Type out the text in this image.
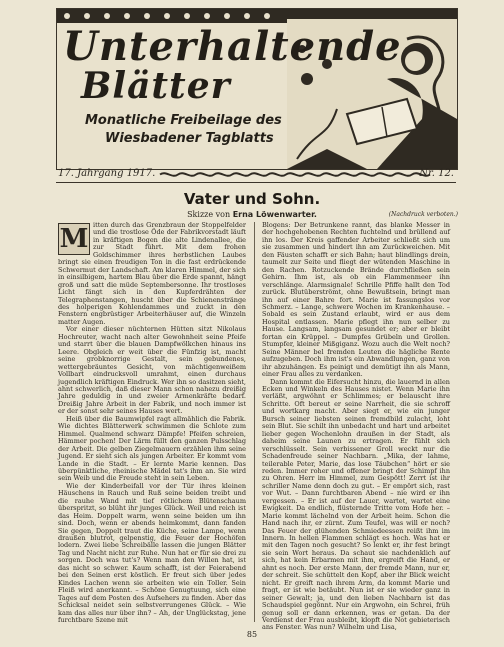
Unterhaltende
Blätter
Monatliche Freibeilage des
Wiesbadener Tagblatts
17. Jahrgang 1917.	Nr. 12.
Vater und Sohn.
Skizze von Erna Löwenwarter.	(Nachdruck verboten.)

M itten durch das Grenzbraun der Stoppelfelder und die trostlose Öde der Fabrikvorstadt läuft in kräftigen Bogen die alte Lindenallee, die zur Stadt führt. Mit dem frohen Goldschimmer ihres herbstlichen Laubes bringt sie einen freudigen Ton in die fast erdrückende Schwermut der Landschaft. Am klaren Himmel, der sich in einsilbigem, hartem Blau über die Erde spannt, hängt groß und satt die müde Septembersonne. Ihr trostloses Licht fängt sich in den Kupferdrähten der Telegraphenstangen, huscht über die Schienenstränge des holperigen Kohlendammes und zuckt in den Fenstern engbrüstiger Arbeiterhäuser auf, die Winzeln matter Augen.

Vor einer dieser nüchternen Hütten sitzt Nikolaus Hochreuter, wacht nach alter Gewohnheit seine Pfeife und starrt über die blauen Dampfwölkchen hinaus ins Leere. Obgleich er weit über die Fünfzig ist, macht seine grobknorrige Gestalt, sein gebundenes, wettergebräuntes Gesicht, von mächtigenweißem Vollbart eindrucksvoll umrahmt, einen durchaus jugendlich kräftigen Eindruck. Wer ihn so dasitzen sieht, ahnt schwerlich, daß dieser Mann schon nahezu dreißig Jahre geduldig in und zweier Armenkräfte bedarf. Dreißig Jahre Arbeit in der Fabrik, und noch immer ist er der sonst sehr seines Hauses wert.

Heiß über die Baumwipfel ragt allmählich die Fabrik. Wie dichtes Blätterwerk schwimmen die Schlote zum Himmel. Qualmend schwarz Dämpfe! Pfeifen schreien, Hämmer pochen! Der Lärm füllt den ganzen Pulsschlag der Arbeit. Die gelben Ziegelmauern erzählen ihm seine Jugend. Er sieht sich als jungen Arbeiter. Er kommt vom Lande in die Stadt. – Er lernte Marie kennen. Das überpünktliche, rheinische Mädel tat's ihm an. Sie wird sein Weib und die Freude steht in sein Leben.

Wie der Kinderbeifall vor der Tür ihres kleinen Häuschens in Rauch und Ruß seine beiden treibt und die rauhe Wand mit tief rötlichem Blütenschaum überspritzt, so blüht ihr junges Glück. Weil und reich ist das Heim. Doppelt warm, wenn seine beiden um ihn sind. Doch, wenn er abends heimkommt, dann fanden Sie gegen, Doppelt traut die Küche, seine Lampe, wenn draußen blutrot, gelpenstig, die Feuer der Hochöfen lodern. Zwei liebe Schreibälle lassen die jungen Blätter Tag und Nacht nicht zur Ruhe. Nun hat er für sie drei zu sorgen. Doch was tut's? Wenn man den Willen hat, ist das nicht so schwer. Kaum schafft, ist der Feierabend bei den Seinen erst köstlich. Er freut sich über jedes Kindes Lachen wenn sie arbeiten wie ein Toller. Sein Fleiß wird anerkannt. – Schöne Genugtuung, sich eine Tages auf dem Posten des Aufsehers zu finden. Aber das Schicksal neidet sein selbstverrungenes Glück. – Wie kam das alles nur über ihn? – Ah, der Unglückstag, jene furchtbare Szene mit

Blogens: Der Betrunkene rannt, das blanke Messer in der hochgehobenen Rechten fuchtelnd und brüllend auf ihn los. Der Kreis gaffender Arbeiter schließt sich um sie zusammen und hindert ihn am Zurückweichen. Mit den Fäusten schafft er sich Bahn; haut blindlings drein, taumelt zur Seite und fliegt der wütenden Maschine in den Rachen. Rotzuckende Brände durchfließen sein Gehirn. Ihm ist, als ob ein Flammenmeer ihn verschlänge. Alarmsignale! Schrille Pfiffe hallt den Tod zurück. Blutüberströmt, ohne Bewußtsein, bringt man ihn auf einer Bahre fort. Marie ist fassungslos vor Schmerz. – Lange, schwere Wochen im Krankenhause. – Sobald es sein Zustand erlaubt, wird er aus dem Hospital entlassen. Marie pflegt ihn nun selber zu Hause. Langsam, langsam gesundet er; aber er bleibt fortan ein Krüppel. – Dumpfes Grübeln und Grollen. Stumpfer, kleiner Mißgiganz. Wozu auch die Welt noch? Seine Männer bel fremden Leuten die hägliche Rente aufzugeben. Doch ihm ist's ein Abwandlungen, ganz von ihr abzuhängen. Es peinigt und demütigt ihn als Mann, einer Frau alles zu verdanken.

Dann kommt die Eifersucht hinzu, die lauernd in allen Ecken und Winkeln des Hauses nistet. Wenn Marie ihn verläßt, argwöhnt er Schlimmes; er belauscht ihre Schritte. Oft bereut er seine Narrheit, die sie schroff und wortkarg macht. Aber siegt er, wie ein junger Bursch seiner liebsten seinen fremdbild zulacht, loht sein Blut. Sie schilt ihn unbedacht und hart und arbeitet lieber gegen Wochenlohn draußen in der Stadt, als daheim seine Launen zu ertragen. Er fühlt sich verschlüsselt. Sein verbissener Groll weckt nur die Schadenfreude seiner Nachbarn. „Mika, der lahme, teilerable Peter, Marie, das lose Täubchen“ hört er sie reden. Immer roher und offener bringt der Schimpf ihn zu Ohren. Herr im Himmel, zum Gespött! Zerrt ist ihr schriller Name denn doch zu gut. – Er empört sich, rast vor Wut. – Dann furchtbaren Abend – nie wird er ihn vergessen. – Er ist auf der Lauer, wartet, wartet eine Ewigkeit. Da endlich, flüsternde Tritte vom Hofe her. – Marie kommt lächelnd von der Arbeit heim. Schon die Hand nach ihr, er zürnt. Zum Teufel, was will er noch? Das Feuer der glühenden Schmiedeessen reißt ihm im Innern. In hellen Flammen schlägt es hoch. Was hat er mit den Tagen noch gesucht? So lenkt er, ihr fest bringt sie sein Wort heraus. Da schaut sie nachdenklich auf sich, hat kein Erbarmen mit ihm, ergreift die Hand, er ahnt es noch. Der erste Mann, der fremde Mann, nur er, der schreit. Sie schüttelt den Kopf, aber ihr Blick weicht nicht. Er greift nach ihrem Arm, da kommt Marie und fragt, er ist wie betäubt. Nun ist er sie wieder ganz in seiner Gewalt; ja, und den lieben Nachbarn ist das Schaudspiel gegönnt. Nur ein Argwohn, ein Schrei, früh genug soll er dann erkennen, was er getan. Da der Verdienst der Frau ausbleibt, klopft die Not gebieterisch ans Fenster. Was nun? Wilhelm und Lisa,

85
